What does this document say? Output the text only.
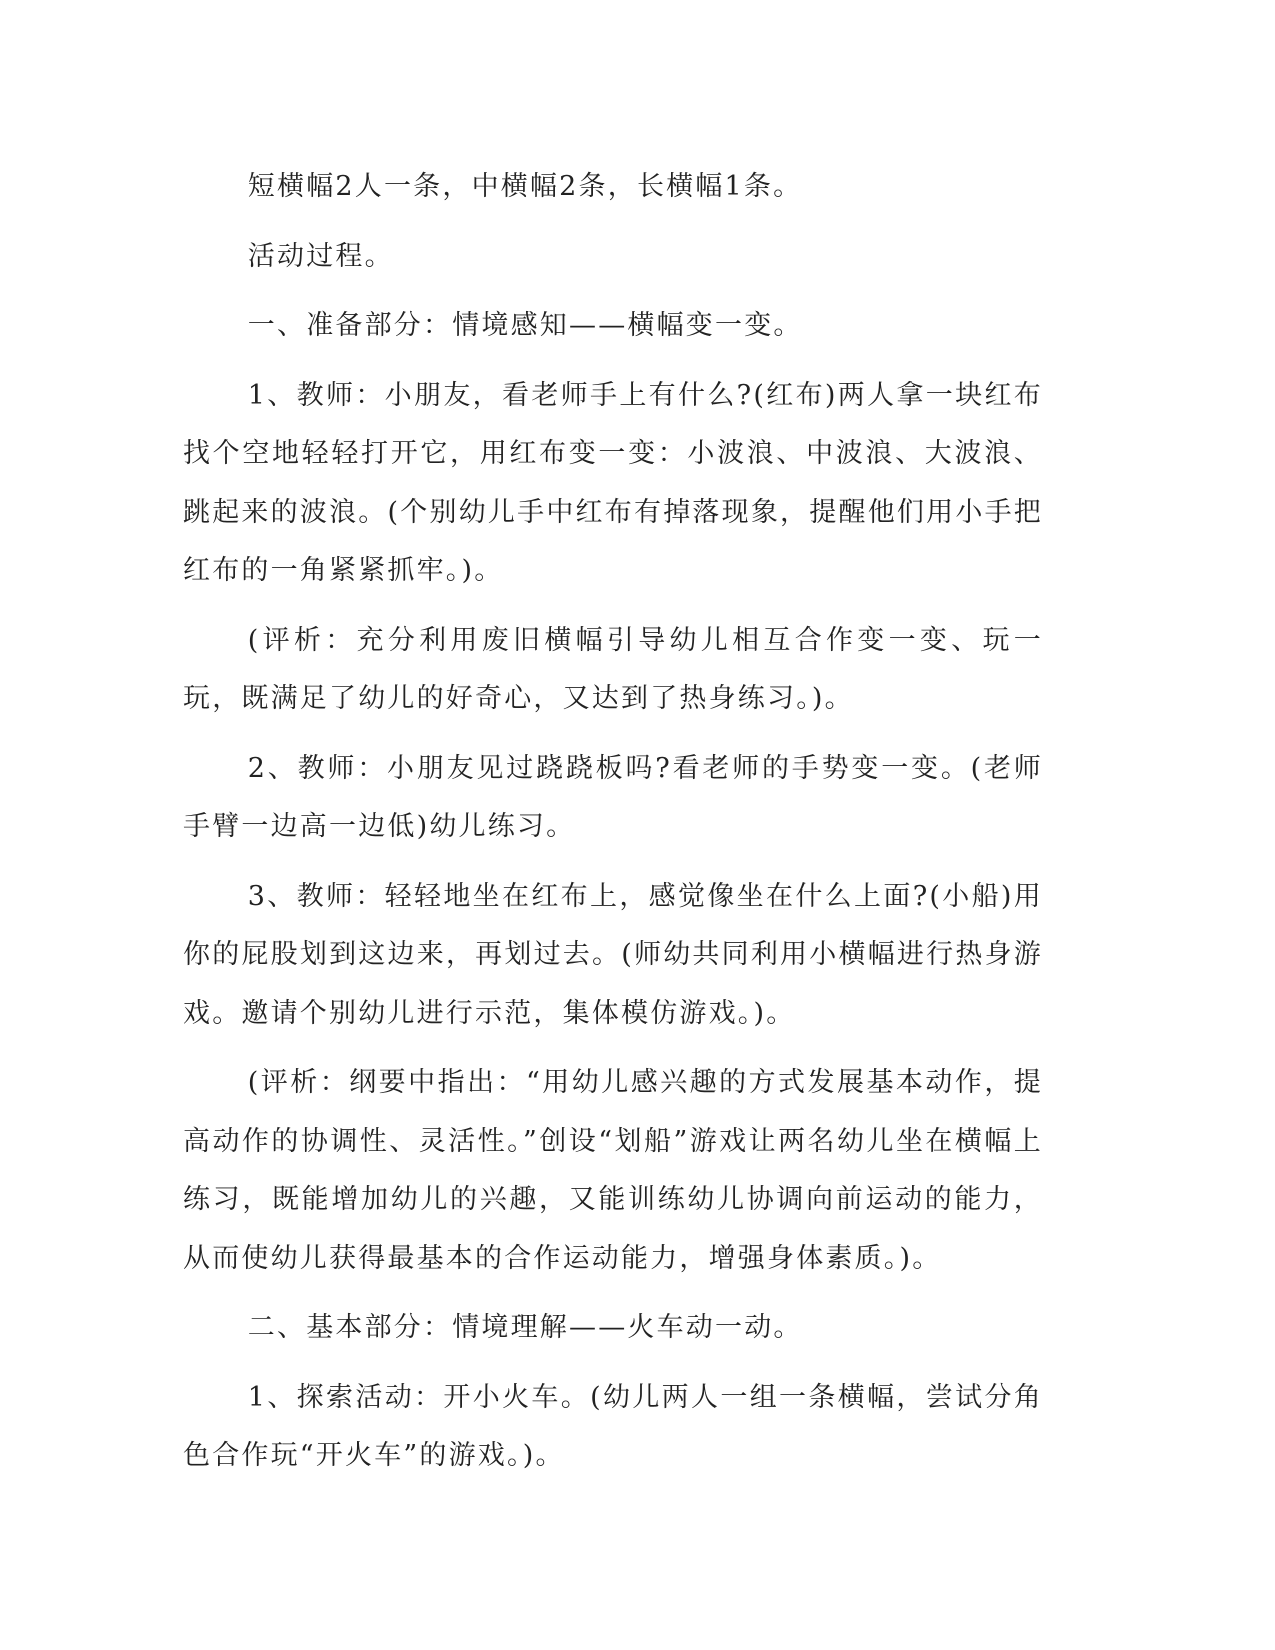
短横幅2人一条，中横幅2条，长横幅1条。

活动过程。

一、准备部分：情境感知——横幅变一变。

1、教师：小朋友，看老师手上有什么?(红布)两人拿一块红布找个空地轻轻打开它，用红布变一变：小波浪、中波浪、大波浪、跳起来的波浪。(个别幼儿手中红布有掉落现象，提醒他们用小手把红布的一角紧紧抓牢。)。

(评析：充分利用废旧横幅引导幼儿相互合作变一变、玩一玩，既满足了幼儿的好奇心，又达到了热身练习。)。

2、教师：小朋友见过跷跷板吗?看老师的手势变一变。(老师手臂一边高一边低)幼儿练习。

3、教师：轻轻地坐在红布上，感觉像坐在什么上面?(小船)用你的屁股划到这边来，再划过去。(师幼共同利用小横幅进行热身游戏。邀请个别幼儿进行示范，集体模仿游戏。)。

(评析：纲要中指出：“用幼儿感兴趣的方式发展基本动作，提高动作的协调性、灵活性。”创设“划船”游戏让两名幼儿坐在横幅上练习，既能增加幼儿的兴趣，又能训练幼儿协调向前运动的能力，从而使幼儿获得最基本的合作运动能力，增强身体素质。)。

二、基本部分：情境理解——火车动一动。

1、探索活动：开小火车。(幼儿两人一组一条横幅，尝试分角色合作玩“开火车”的游戏。)。
